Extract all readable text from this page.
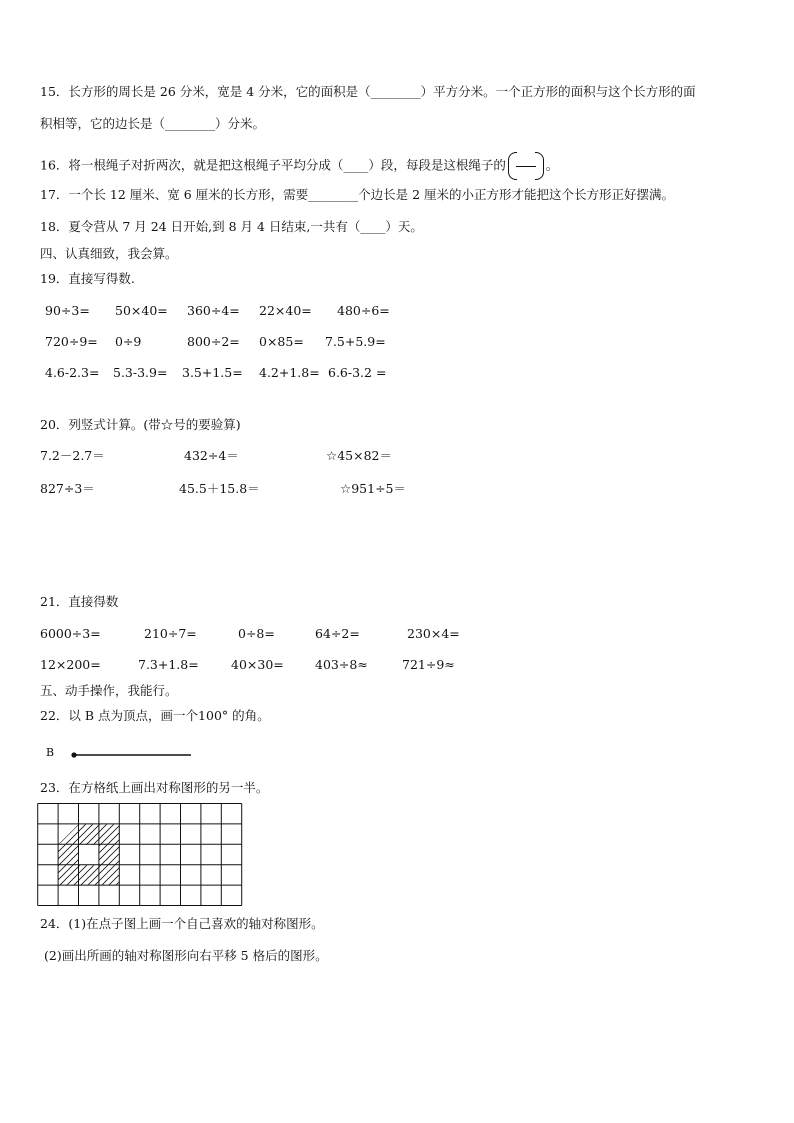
15．长方形的周长是 26 分米，宽是 4 分米，它的面积是（________）平方分米。一个正方形的面积与这个长方形的面
积相等，它的边长是（________）分米。
16．将一根绳子对折两次，就是把这根绳子平均分成（____）段，每段是这根绳子的	。
17．一个长 12 厘米、宽 6 厘米的长方形，需要________个边长是 2 厘米的小正方形才能把这个长方形正好摆满。
18．夏令营从 7 月 24 日开始,到 8 月 4 日结束,一共有（____）天。
四、认真细致，我会算。
19．直接写得数.
90÷3= 50×40= 360÷4= 22×40= 480÷6=
720÷9= 0÷9	800÷2= 0×85= 7.5+5.9=
4.6-2.3= 5.3-3.9= 3.5+1.5= 4.2+1.8= 6.6-3.2 =
20．列竖式计算。(带☆号的要验算)
7.2－2.7＝	432÷4＝	☆45×82＝
827÷3＝	45.5＋15.8＝	☆951÷5＝
21．直接得数
6000÷3=	210÷7=	0÷8=	64÷2=	230×4=
12×200=	7.3+1.8=	40×30= 403÷8≈	721÷9≈
五、动手操作，我能行。
22．以 B 点为顶点，画一个100° 的角。
B
23．在方格纸上画出对称图形的另一半。
24．(1)在点子图上画一个自己喜欢的轴对称图形。
(2)画出所画的轴对称图形向右平移 5 格后的图形。
